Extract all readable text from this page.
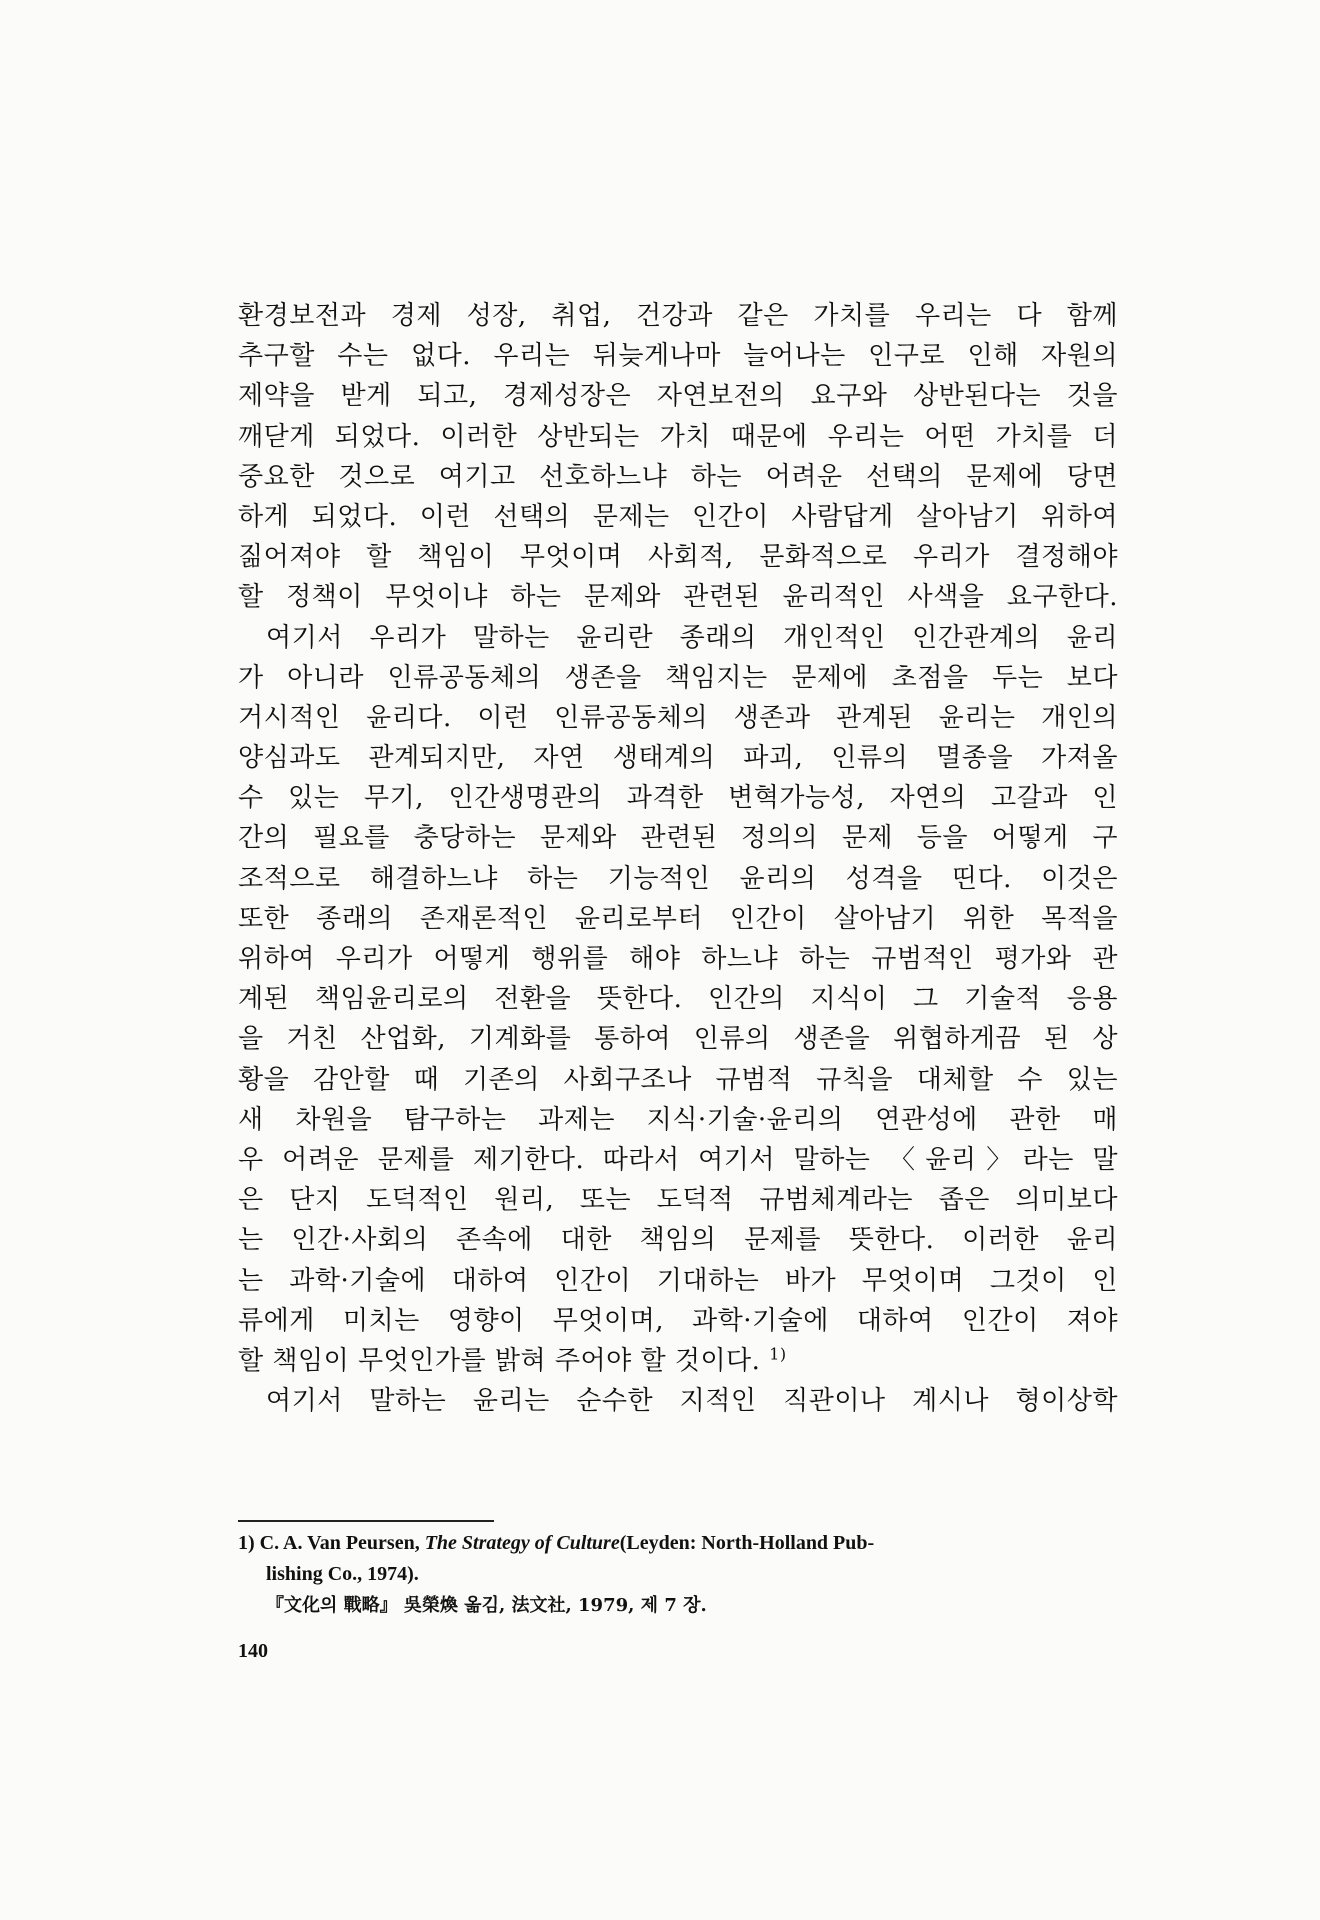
환경보전과 경제 성장, 취업, 건강과 같은 가치를 우리는 다 함께
추구할 수는 없다. 우리는 뒤늦게나마 늘어나는 인구로 인해 자원의
제약을 받게 되고, 경제성장은 자연보전의 요구와 상반된다는 것을
깨닫게 되었다. 이러한 상반되는 가치 때문에 우리는 어떤 가치를 더
중요한 것으로 여기고 선호하느냐 하는 어려운 선택의 문제에 당면
하게 되었다. 이런 선택의 문제는 인간이 사람답게 살아남기 위하여
짊어져야 할 책임이 무엇이며 사회적, 문화적으로 우리가 결정해야
할 정책이 무엇이냐 하는 문제와 관련된 윤리적인 사색을 요구한다.
여기서 우리가 말하는 윤리란 종래의 개인적인 인간관계의 윤리
가 아니라 인류공동체의 생존을 책임지는 문제에 초점을 두는 보다
거시적인 윤리다. 이런 인류공동체의 생존과 관계된 윤리는 개인의
양심과도 관계되지만, 자연 생태계의 파괴, 인류의 멸종을 가져올
수 있는 무기, 인간생명관의 과격한 변혁가능성, 자연의 고갈과 인
간의 필요를 충당하는 문제와 관련된 정의의 문제 등을 어떻게 구
조적으로 해결하느냐 하는 기능적인 윤리의 성격을 띤다. 이것은
또한 종래의 존재론적인 윤리로부터 인간이 살아남기 위한 목적을
위하여 우리가 어떻게 행위를 해야 하느냐 하는 규범적인 평가와 관
계된 책임윤리로의 전환을 뜻한다. 인간의 지식이 그 기술적 응용
을 거친 산업화, 기계화를 통하여 인류의 생존을 위협하게끔 된 상
황을 감안할 때 기존의 사회구조나 규범적 규칙을 대체할 수 있는
새 차원을 탐구하는 과제는 지식·기술·윤리의 연관성에 관한 매
우 어려운 문제를 제기한다. 따라서 여기서 말하는 〈윤리〉라는 말
은 단지 도덕적인 원리, 또는 도덕적 규범체계라는 좁은 의미보다
는 인간·사회의 존속에 대한 책임의 문제를 뜻한다. 이러한 윤리
는 과학·기술에 대하여 인간이 기대하는 바가 무엇이며 그것이 인
류에게 미치는 영향이 무엇이며, 과학·기술에 대하여 인간이 져야
할 책임이 무엇인가를 밝혀 주어야 할 것이다. $^{1)}$
여기서 말하는 윤리는 순수한 지적인 직관이나 계시나 형이상학
1) C. A. Van Peursen, The Strategy of Culture(Leyden: North-Holland Pub-
lishing Co., 1974).
『文化의 戰略』 吳榮煥 옮김, 法文社, 1979, 제 7 장.
140
